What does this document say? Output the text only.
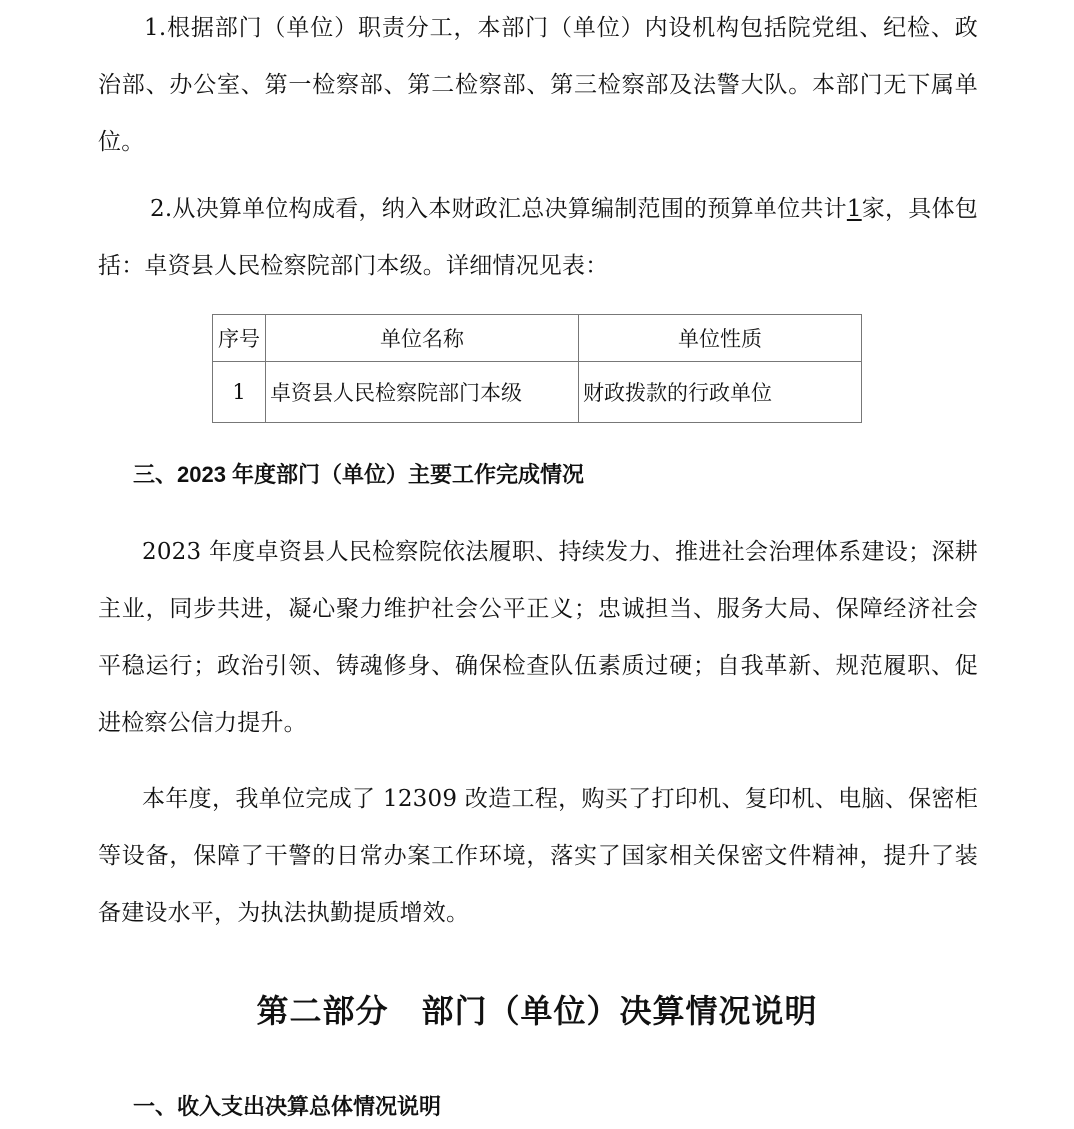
1.根据部门（单位）职责分工，本部门（单位）内设机构包括院党组、纪检、政治部、办公室、第一检察部、第二检察部、第三检察部及法警大队。本部门无下属单位。
2.从决算单位构成看，纳入本财政汇总决算编制范围的预算单位共计1家，具体包括：卓资县人民检察院部门本级。详细情况见表：
序号	单位名称	单位性质
1	卓资县人民检察院部门本级	财政拨款的行政单位
三、2023 年度部门（单位）主要工作完成情况
2023 年度卓资县人民检察院依法履职、持续发力、推进社会治理体系建设；深耕主业，同步共进，凝心聚力维护社会公平正义；忠诚担当、服务大局、保障经济社会平稳运行；政治引领、铸魂修身、确保检查队伍素质过硬；自我革新、规范履职、促进检察公信力提升。
本年度，我单位完成了 12309 改造工程，购买了打印机、复印机、电脑、保密柜等设备，保障了干警的日常办案工作环境，落实了国家相关保密文件精神，提升了装备建设水平，为执法执勤提质增效。
第二部分　部门（单位）决算情况说明
一、收入支出决算总体情况说明
